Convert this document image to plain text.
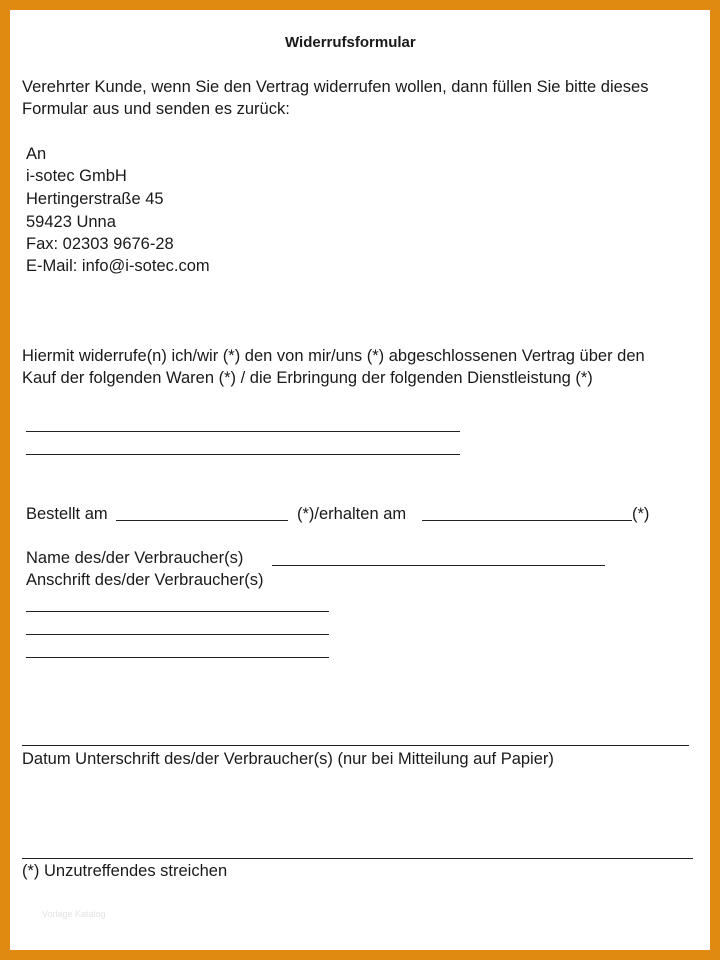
Widerrufsformular
Verehrter Kunde, wenn Sie den Vertrag widerrufen wollen, dann füllen Sie bitte dieses
Formular aus und senden es zurück:
An
i-sotec GmbH
Hertingerstraße 45
59423 Unna
Fax: 02303 9676-28
E-Mail: info@i-sotec.com
Hiermit widerrufe(n) ich/wir (*) den von mir/uns (*) abgeschlossenen Vertrag über den
Kauf der folgenden Waren (*) / die Erbringung der folgenden Dienstleistung (*)
Bestellt am	(*)/erhalten am	(*)
Name des/der Verbraucher(s)
Anschrift des/der Verbraucher(s)
Datum Unterschrift des/der Verbraucher(s) (nur bei Mitteilung auf Papier)
(*) Unzutreffendes streichen
Vorlage Katalog
